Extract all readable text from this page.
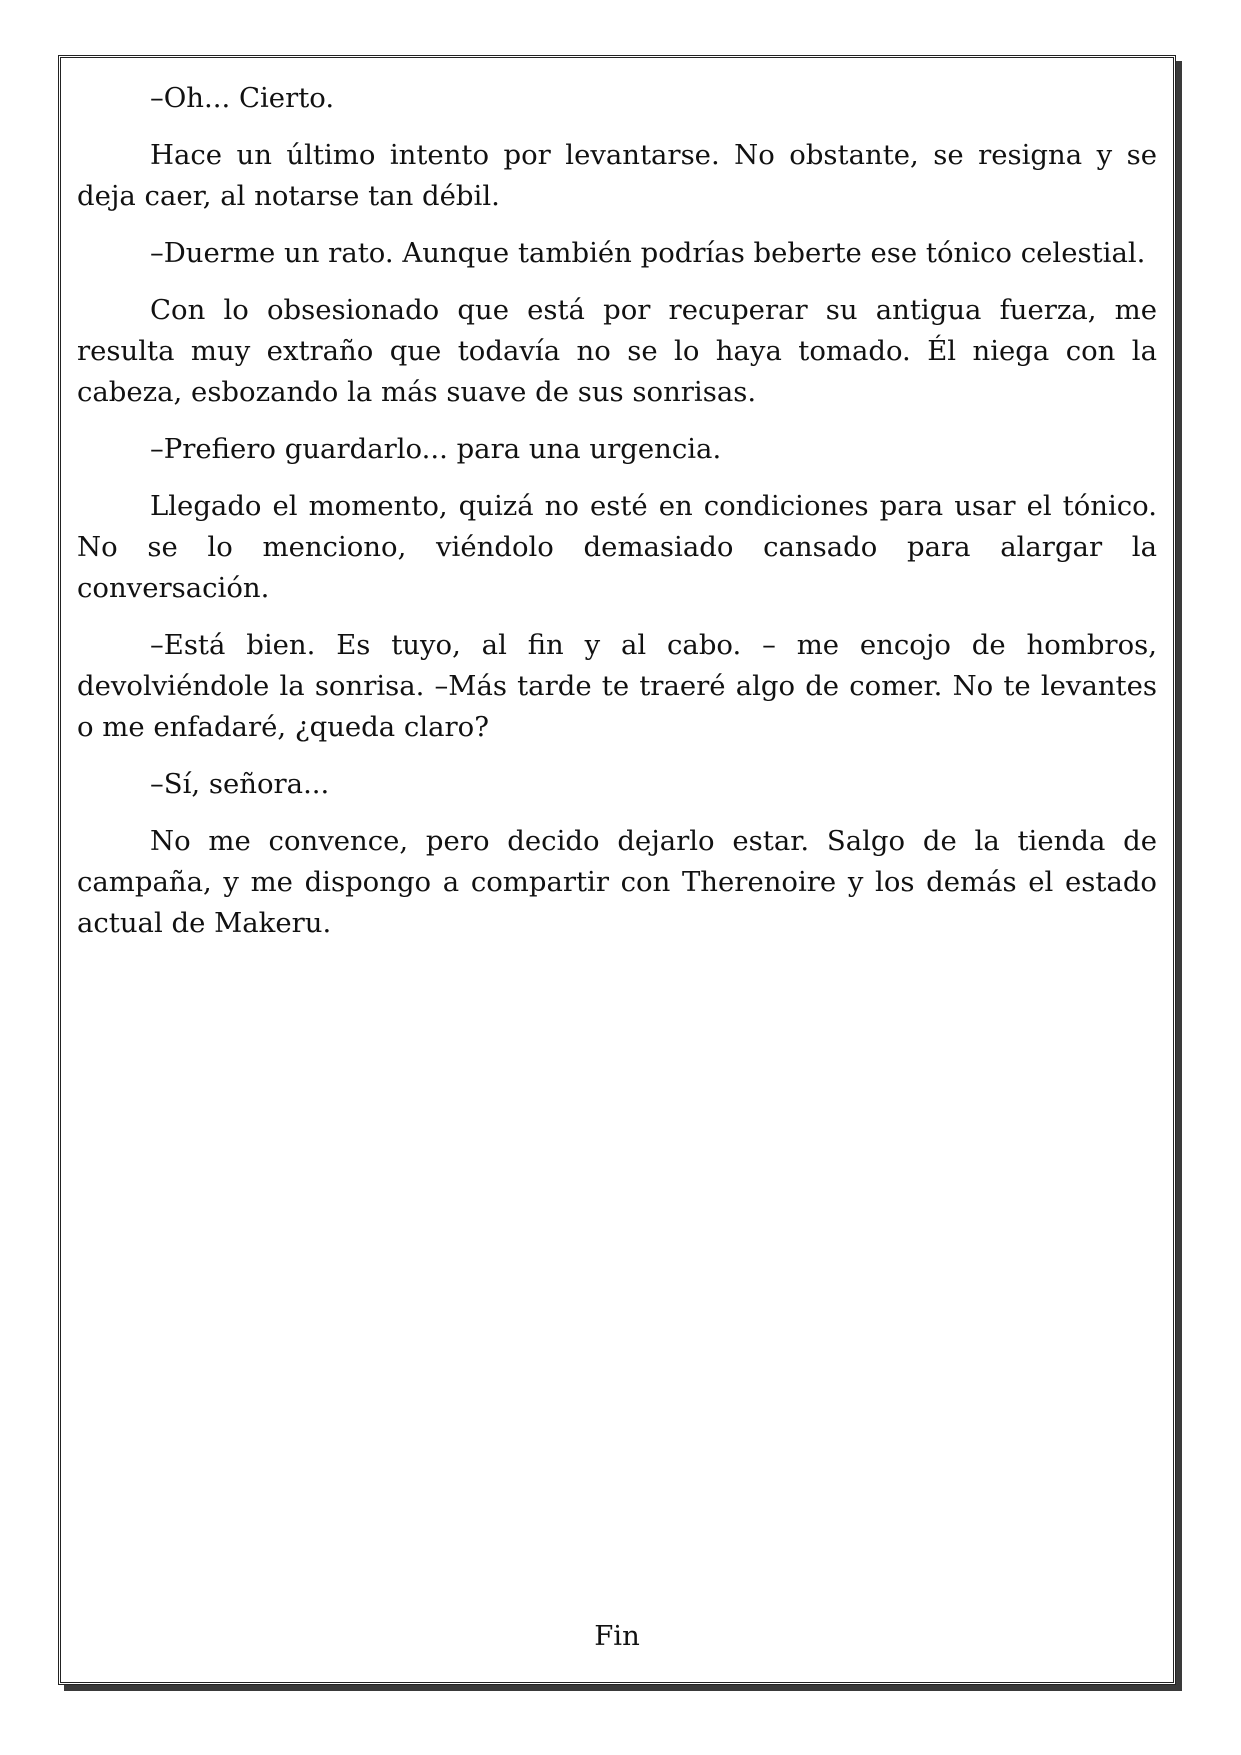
–Oh... Cierto.

Hace un último intento por levantarse. No obstante, se resigna y se deja caer, al notarse tan débil.

–Duerme un rato. Aunque también podrías beberte ese tónico celestial.

Con lo obsesionado que está por recuperar su antigua fuerza, me resulta muy extraño que todavía no se lo haya tomado. Él niega con la cabeza, esbozando la más suave de sus sonrisas.

–Prefiero guardarlo... para una urgencia.

Llegado el momento, quizá no esté en condiciones para usar el tónico. No se lo menciono, viéndolo demasiado cansado para alargar la conversación.

–Está bien. Es tuyo, al fin y al cabo. – me encojo de hombros, devolviéndole la sonrisa. –Más tarde te traeré algo de comer. No te levantes o me enfadaré, ¿queda claro?

–Sí, señora...

No me convence, pero decido dejarlo estar. Salgo de la tienda de campaña, y me dispongo a compartir con Therenoire y los demás el estado actual de Makeru.

Fin
